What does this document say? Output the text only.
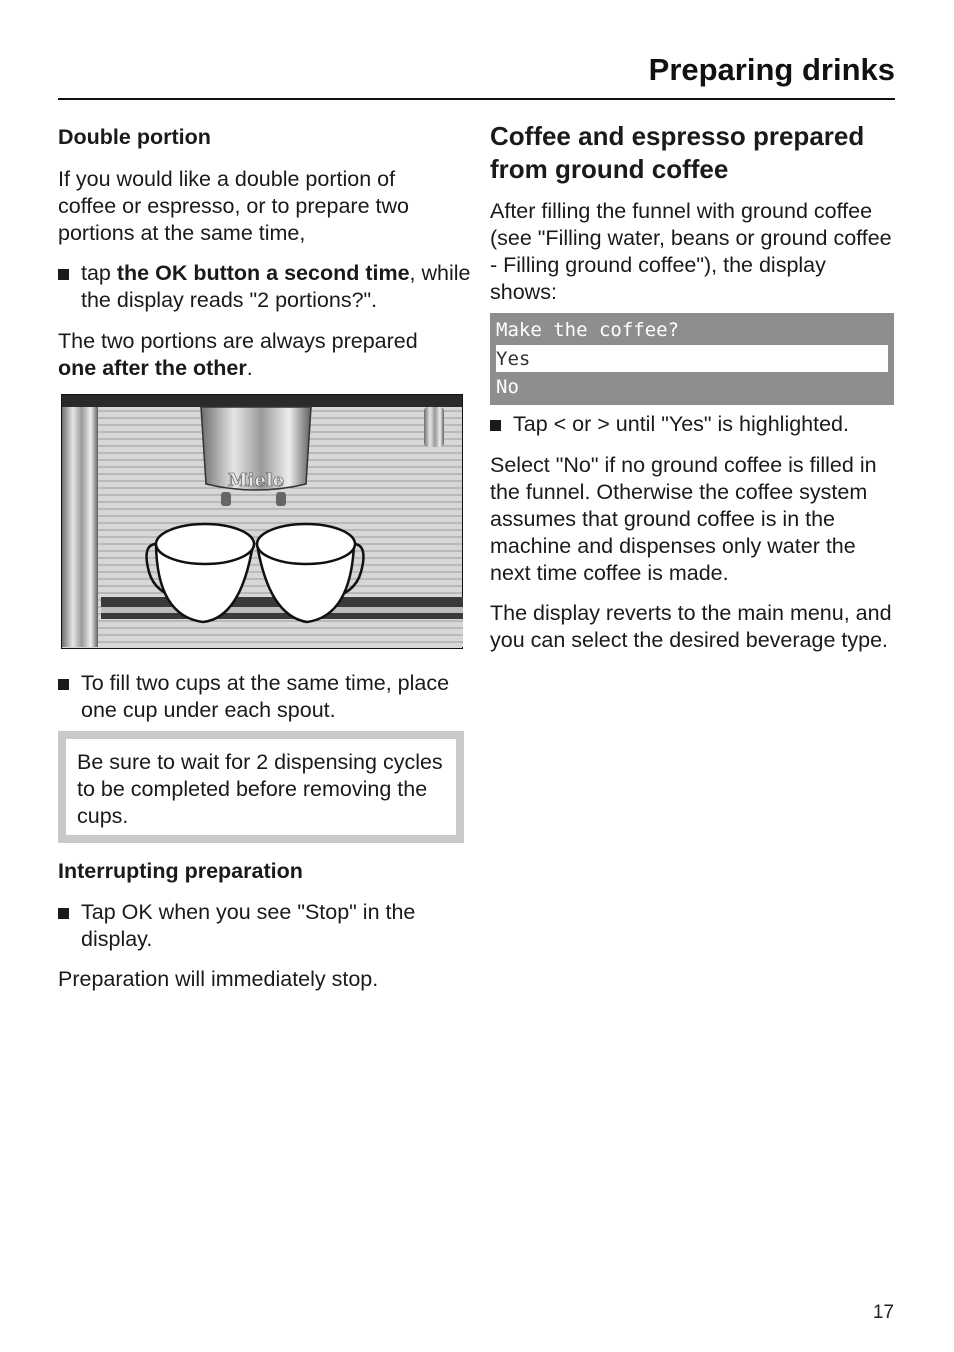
Preparing drinks
Double portion
If you would like a double portion of coffee or espresso, or to prepare two portions at the same time,
tap the OK button a second time, while the display reads "2 portions?".
The two portions are always prepared one after the other.
Miele
To fill two cups at the same time, place one cup under each spout.
Be sure to wait for 2 dispensing cycles to be completed before removing the cups.
Interrupting preparation
Tap OK when you see "Stop" in the display.
Preparation will immediately stop.
Coffee and espresso prepared from ground coffee
After filling the funnel with ground coffee (see "Filling water, beans or ground coffee - Filling ground coffee"), the display shows:
Make the coffee?
Yes
No
Tap < or > until "Yes" is highlighted.
Select "No" if no ground coffee is filled in the funnel. Otherwise the coffee system assumes that ground coffee is in the machine and dispenses only water the next time coffee is made.
The display reverts to the main menu, and you can select the desired beverage type.
17
